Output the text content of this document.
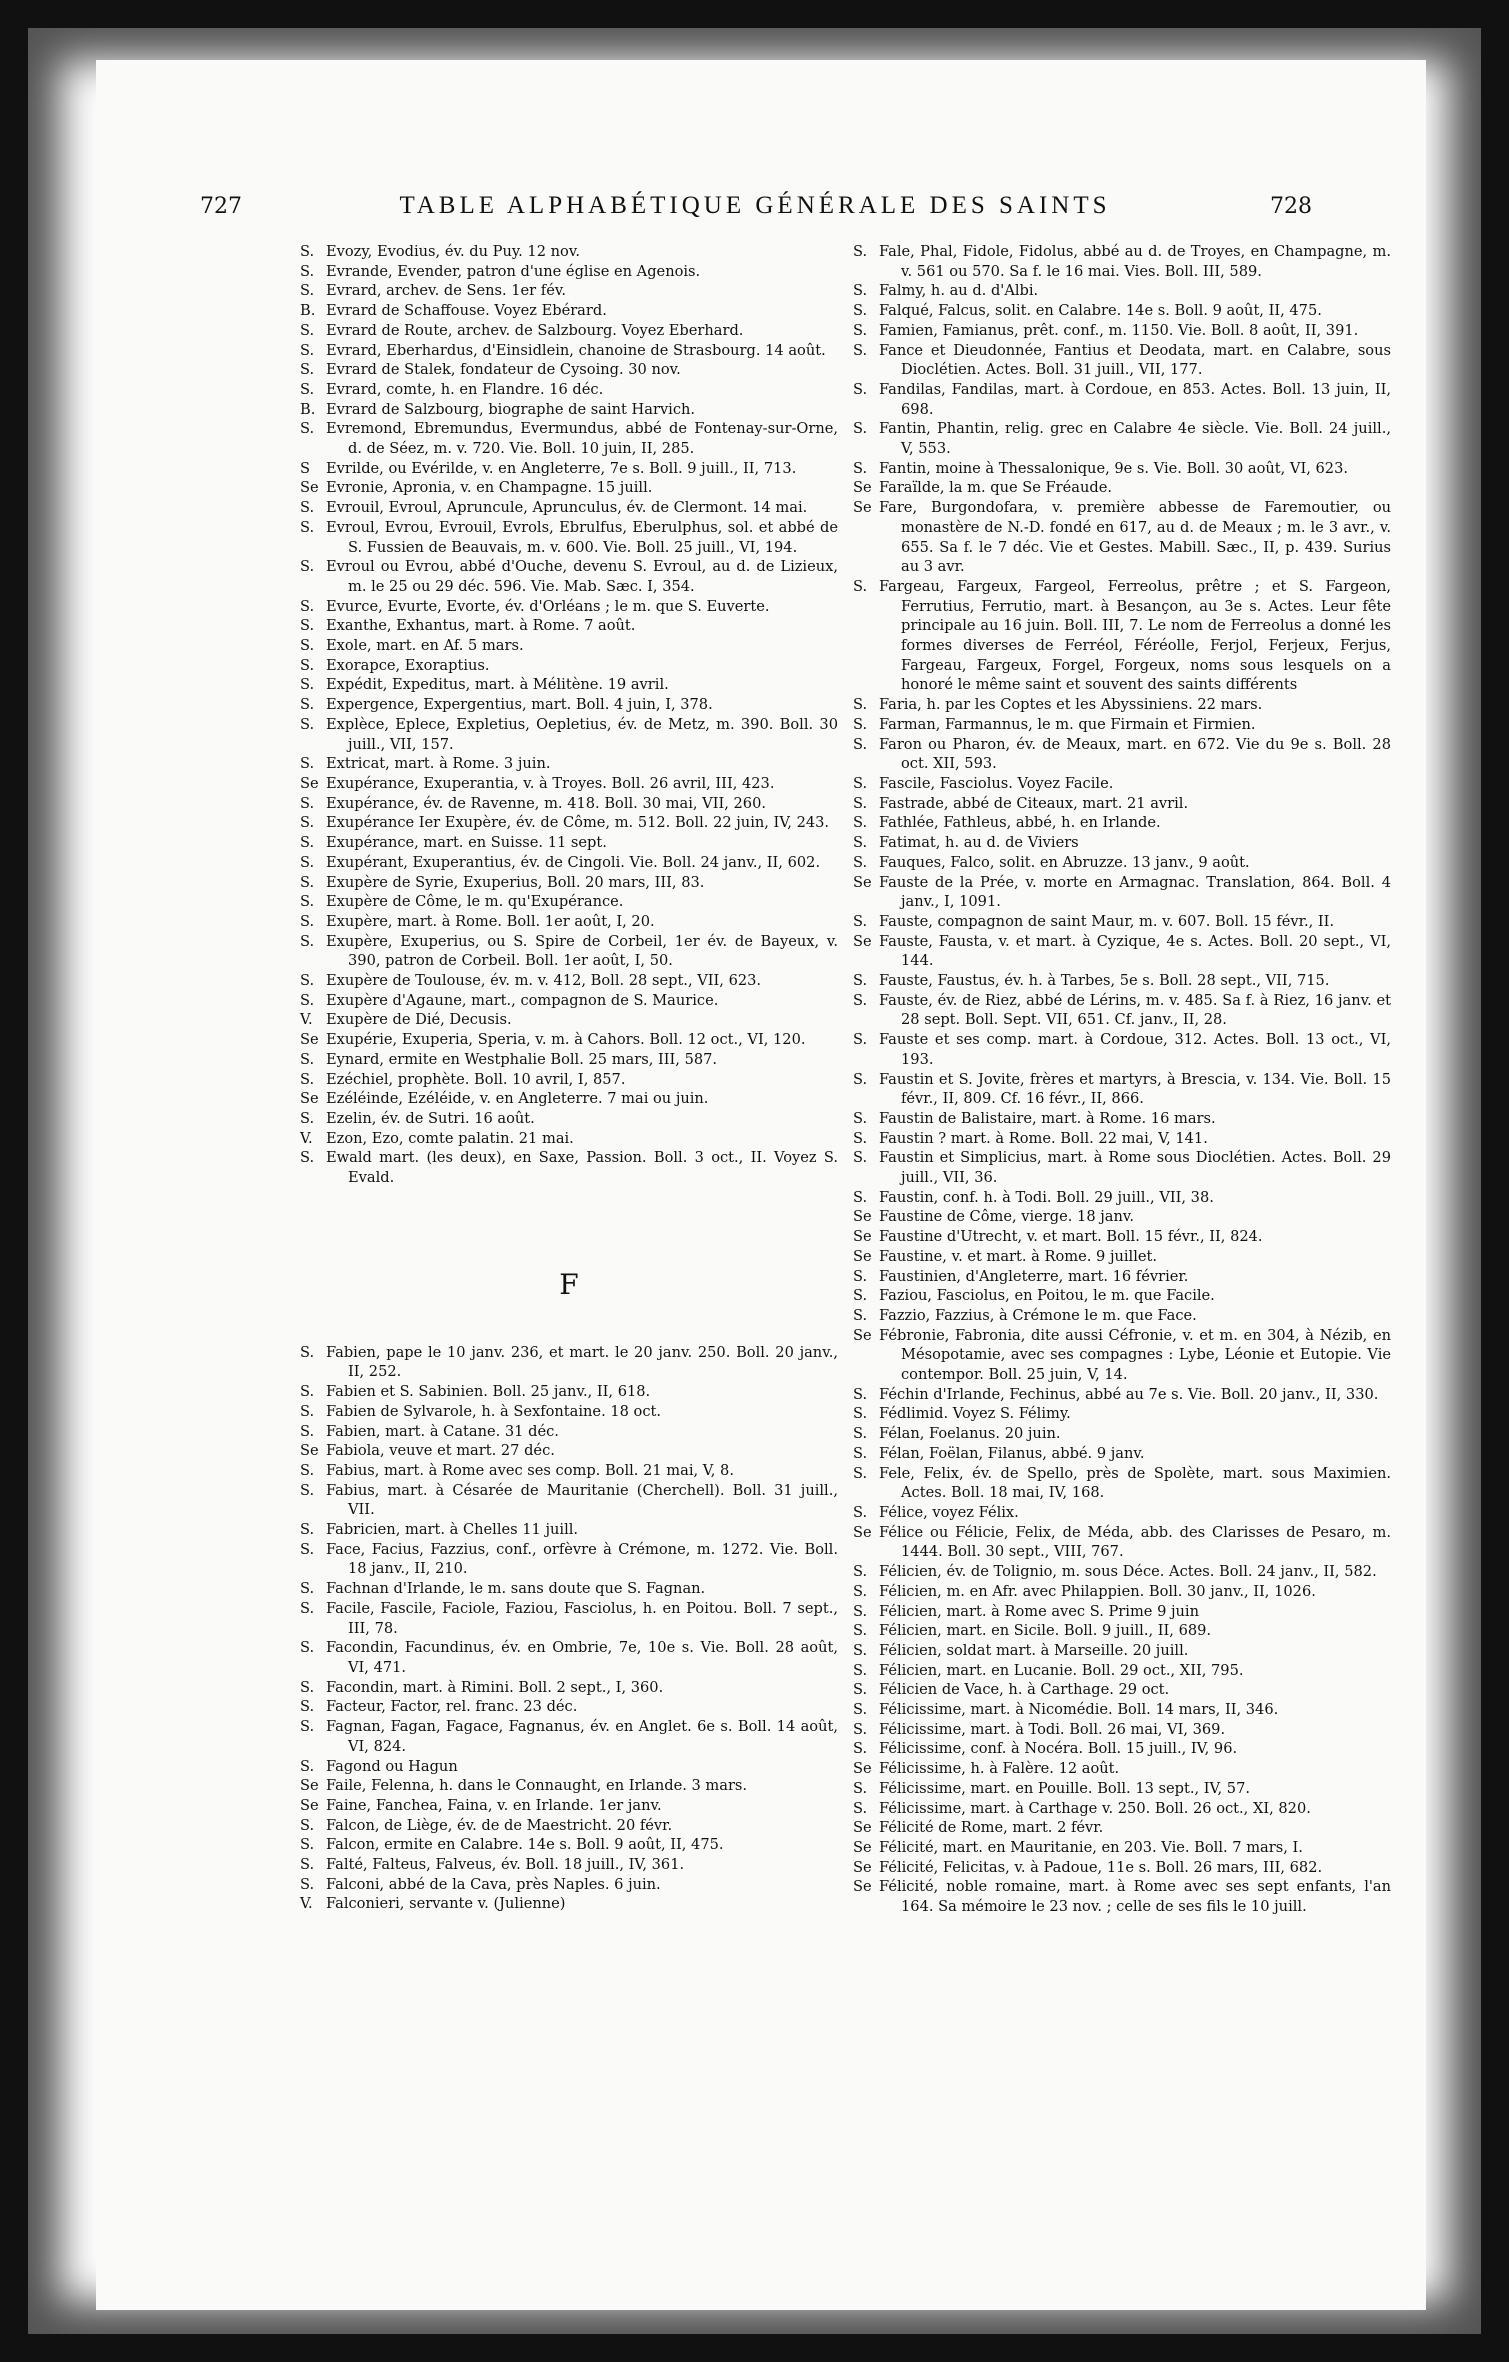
727	TABLE ALPHABÉTIQUE GÉNÉRALE DES SAINTS	728

S. Evozy, Evodius, év. du Puy. 12 nov.

S. Evrande, Evender, patron d'une église en Agenois.

S. Evrard, archev. de Sens. 1er fév.

B. Evrard de Schaffouse. Voyez Ebérard.

S. Evrard de Route, archev. de Salzbourg. Voyez Eberhard.

S. Evrard, Eberhardus, d'Einsidlein, chanoine de Strasbourg. 14 août.

S. Evrard de Stalek, fondateur de Cysoing. 30 nov.

S. Evrard, comte, h. en Flandre. 16 déc.

B. Evrard de Salzbourg, biographe de saint Harvich.

S. Evremond, Ebremundus, Evermundus, abbé de Fontenay-sur-Orne, d. de Séez, m. v. 720. Vie. Boll. 10 juin, II, 285.

S	Evrilde, ou Evérilde, v. en Angleterre, 7e s. Boll. 9 juill., II, 713.

Se Evronie, Apronia, v. en Champagne. 15 juill.

S. Evrouil, Evroul, Apruncule, Aprunculus, év. de Clermont. 14 mai.

S. Evroul, Evrou, Evrouil, Evrols, Ebrulfus, Eberulphus, sol. et abbé de S. Fussien de Beauvais, m. v. 600. Vie. Boll. 25 juill., VI, 194.

S. Evroul ou Evrou, abbé d'Ouche, devenu S. Evroul, au d. de Lizieux, m. le 25 ou 29 déc. 596. Vie. Mab. Sæc. I, 354.

S. Evurce, Evurte, Evorte, év. d'Orléans ; le m. que S. Euverte.

S. Exanthe, Exhantus, mart. à Rome. 7 août.

S. Exole, mart. en Af. 5 mars.

S. Exorapce, Exoraptius.

S. Expédit, Expeditus, mart. à Mélitène. 19 avril.

S. Expergence, Expergentius, mart. Boll. 4 juin, I, 378.

S. Explèce, Eplece, Expletius, Oepletius, év. de Metz, m. 390. Boll. 30 juill., VII, 157.

S. Extricat, mart. à Rome. 3 juin.

Se Exupérance, Exuperantia, v. à Troyes. Boll. 26 avril, III, 423.

S. Exupérance, év. de Ravenne, m. 418. Boll. 30 mai, VII, 260.

S. Exupérance Ier Exupère, év. de Côme, m. 512. Boll. 22 juin, IV, 243.

S. Exupérance, mart. en Suisse. 11 sept.

S. Exupérant, Exuperantius, év. de Cingoli. Vie. Boll. 24 janv., II, 602.

S. Exupère de Syrie, Exuperius, Boll. 20 mars, III, 83.

S. Exupère de Côme, le m. qu'Exupérance.

S. Exupère, mart. à Rome. Boll. 1er août, I, 20.

S. Exupère, Exuperius, ou S. Spire de Corbeil, 1er év. de Bayeux, v. 390, patron de Corbeil. Boll. 1er août, I, 50.

S. Exupère de Toulouse, év. m. v. 412, Boll. 28 sept., VII, 623.

S. Exupère d'Agaune, mart., compagnon de S. Maurice.

V. Exupère de Dié, Decusis.

Se Exupérie, Exuperia, Speria, v. m. à Cahors. Boll. 12 oct., VI, 120.

S. Eynard, ermite en Westphalie Boll. 25 mars, III, 587.

S. Ezéchiel, prophète. Boll. 10 avril, I, 857.

Se Ezéléinde, Ezéléide, v. en Angleterre. 7 mai ou juin.

S. Ezelin, év. de Sutri. 16 août.

V. Ezon, Ezo, comte palatin. 21 mai.

S. Ewald mart. (les deux), en Saxe, Passion. Boll. 3 oct., II. Voyez S. Evald.

F

S. Fabien, pape le 10 janv. 236, et mart. le 20 janv. 250. Boll. 20 janv., II, 252.

S. Fabien et S. Sabinien. Boll. 25 janv., II, 618.

S. Fabien de Sylvarole, h. à Sexfontaine. 18 oct.

S. Fabien, mart. à Catane. 31 déc.

Se Fabiola, veuve et mart. 27 déc.

S. Fabius, mart. à Rome avec ses comp. Boll. 21 mai, V, 8.

S. Fabius, mart. à Césarée de Mauritanie (Cherchell). Boll. 31 juill., VII.

S. Fabricien, mart. à Chelles 11 juill.

S. Face, Facius, Fazzius, conf., orfèvre à Crémone, m. 1272. Vie. Boll. 18 janv., II, 210.

S. Fachnan d'Irlande, le m. sans doute que S. Fagnan.

S. Facile, Fascile, Faciole, Faziou, Fasciolus, h. en Poitou. Boll. 7 sept., III, 78.

S. Facondin, Facundinus, év. en Ombrie, 7e, 10e s. Vie. Boll. 28 août, VI, 471.

S. Facondin, mart. à Rimini. Boll. 2 sept., I, 360.

S. Facteur, Factor, rel. franc. 23 déc.

S. Fagnan, Fagan, Fagace, Fagnanus, év. en Anglet. 6e s. Boll. 14 août, VI, 824.

S. Fagond ou Hagun

Se Faile, Felenna, h. dans le Connaught, en Irlande. 3 mars.

Se Faine, Fanchea, Faina, v. en Irlande. 1er janv.

S. Falcon, de Liège, év. de de Maestricht. 20 févr.

S. Falcon, ermite en Calabre. 14e s. Boll. 9 août, II, 475.

S. Falté, Falteus, Falveus, év. Boll. 18 juill., IV, 361.

S. Falconi, abbé de la Cava, près Naples. 6 juin.

V. Falconieri, servante v. (Julienne)

S. Fale, Phal, Fidole, Fidolus, abbé au d. de Troyes, en Champagne, m. v. 561 ou 570. Sa f. le 16 mai. Vies. Boll. III, 589.

S. Falmy, h. au d. d'Albi.

S. Falqué, Falcus, solit. en Calabre. 14e s. Boll. 9 août, II, 475.

S. Famien, Famianus, prêt. conf., m. 1150. Vie. Boll. 8 août, II, 391.

S. Fance et Dieudonnée, Fantius et Deodata, mart. en Calabre, sous Dioclétien. Actes. Boll. 31 juill., VII, 177.

S. Fandilas, Fandilas, mart. à Cordoue, en 853. Actes. Boll. 13 juin, II, 698.

S. Fantin, Phantin, relig. grec en Calabre 4e siècle. Vie. Boll. 24 juill., V, 553.

S. Fantin, moine à Thessalonique, 9e s. Vie. Boll. 30 août, VI, 623.

Se Faraïlde, la m. que Se Fréaude.

Se Fare, Burgondofara, v. première abbesse de Faremoutier, ou monastère de N.-D. fondé en 617, au d. de Meaux ; m. le 3 avr., v. 655. Sa f. le 7 déc. Vie et Gestes. Mabill. Sæc., II, p. 439. Surius au 3 avr.

S. Fargeau, Fargeux, Fargeol, Ferreolus, prêtre ; et S. Fargeon, Ferrutius, Ferrutio, mart. à Besançon, au 3e s. Actes. Leur fête principale au 16 juin. Boll. III, 7. Le nom de Ferreolus a donné les formes diverses de Ferréol, Féréolle, Ferjol, Ferjeux, Ferjus, Fargeau, Fargeux, Forgel, Forgeux, noms sous lesquels on a honoré le même saint et souvent des saints différents

S. Faria, h. par les Coptes et les Abyssiniens. 22 mars.

S. Farman, Farmannus, le m. que Firmain et Firmien.

S. Faron ou Pharon, év. de Meaux, mart. en 672. Vie du 9e s. Boll. 28 oct. XII, 593.

S. Fascile, Fasciolus. Voyez Facile.

S. Fastrade, abbé de Citeaux, mart. 21 avril.

S. Fathlée, Fathleus, abbé, h. en Irlande.

S. Fatimat, h. au d. de Viviers

S. Fauques, Falco, solit. en Abruzze. 13 janv., 9 août.

Se Fauste de la Prée, v. morte en Armagnac. Translation, 864. Boll. 4 janv., I, 1091.

S. Fauste, compagnon de saint Maur, m. v. 607. Boll. 15 févr., II.

Se Fauste, Fausta, v. et mart. à Cyzique, 4e s. Actes. Boll. 20 sept., VI, 144.

S. Fauste, Faustus, év. h. à Tarbes, 5e s. Boll. 28 sept., VII, 715.

S. Fauste, év. de Riez, abbé de Lérins, m. v. 485. Sa f. à Riez, 16 janv. et 28 sept. Boll. Sept. VII, 651. Cf. janv., II, 28.

S. Fauste et ses comp. mart. à Cordoue, 312. Actes. Boll. 13 oct., VI, 193.

S. Faustin et S. Jovite, frères et martyrs, à Brescia, v. 134. Vie. Boll. 15 févr., II, 809. Cf. 16 févr., II, 866.

S. Faustin de Balistaire, mart. à Rome. 16 mars.

S. Faustin ? mart. à Rome. Boll. 22 mai, V, 141.

S. Faustin et Simplicius, mart. à Rome sous Dioclétien. Actes. Boll. 29 juill., VII, 36.

S. Faustin, conf. h. à Todi. Boll. 29 juill., VII, 38.

Se Faustine de Côme, vierge. 18 janv.

Se Faustine d'Utrecht, v. et mart. Boll. 15 févr., II, 824.

Se Faustine, v. et mart. à Rome. 9 juillet.

S. Faustinien, d'Angleterre, mart. 16 février.

S. Faziou, Fasciolus, en Poitou, le m. que Facile.

S. Fazzio, Fazzius, à Crémone le m. que Face.

Se Fébronie, Fabronia, dite aussi Céfronie, v. et m. en 304, à Nézib, en Mésopotamie, avec ses compagnes : Lybe, Léonie et Eutopie. Vie contempor. Boll. 25 juin, V, 14.

S. Féchin d'Irlande, Fechinus, abbé au 7e s. Vie. Boll. 20 janv., II, 330.

S. Fédlimid. Voyez S. Félimy.

S. Félan, Foelanus. 20 juin.

S. Félan, Foëlan, Filanus, abbé. 9 janv.

S. Fele, Felix, év. de Spello, près de Spolète, mart. sous Maximien. Actes. Boll. 18 mai, IV, 168.

S. Félice, voyez Félix.

Se Félice ou Félicie, Felix, de Méda, abb. des Clarisses de Pesaro, m. 1444. Boll. 30 sept., VIII, 767.

S. Félicien, év. de Tolignio, m. sous Déce. Actes. Boll. 24 janv., II, 582.

S. Félicien, m. en Afr. avec Philappien. Boll. 30 janv., II, 1026.

S. Félicien, mart. à Rome avec S. Prime 9 juin

S. Félicien, mart. en Sicile. Boll. 9 juill., II, 689.

S. Félicien, soldat mart. à Marseille. 20 juill.

S. Félicien, mart. en Lucanie. Boll. 29 oct., XII, 795.

S. Félicien de Vace, h. à Carthage. 29 oct.

S. Félicissime, mart. à Nicomédie. Boll. 14 mars, II, 346.

S. Félicissime, mart. à Todi. Boll. 26 mai, VI, 369.

S. Félicissime, conf. à Nocéra. Boll. 15 juill., IV, 96.

Se Félicissime, h. à Falère. 12 août.

S. Félicissime, mart. en Pouille. Boll. 13 sept., IV, 57.

S. Félicissime, mart. à Carthage v. 250. Boll. 26 oct., XI, 820.

Se Félicité de Rome, mart. 2 févr.

Se Félicité, mart. en Mauritanie, en 203. Vie. Boll. 7 mars, I.

Se Félicité, Felicitas, v. à Padoue, 11e s. Boll. 26 mars, III, 682.

Se Félicité, noble romaine, mart. à Rome avec ses sept enfants, l'an 164. Sa mémoire le 23 nov. ; celle de ses fils le 10 juill.
